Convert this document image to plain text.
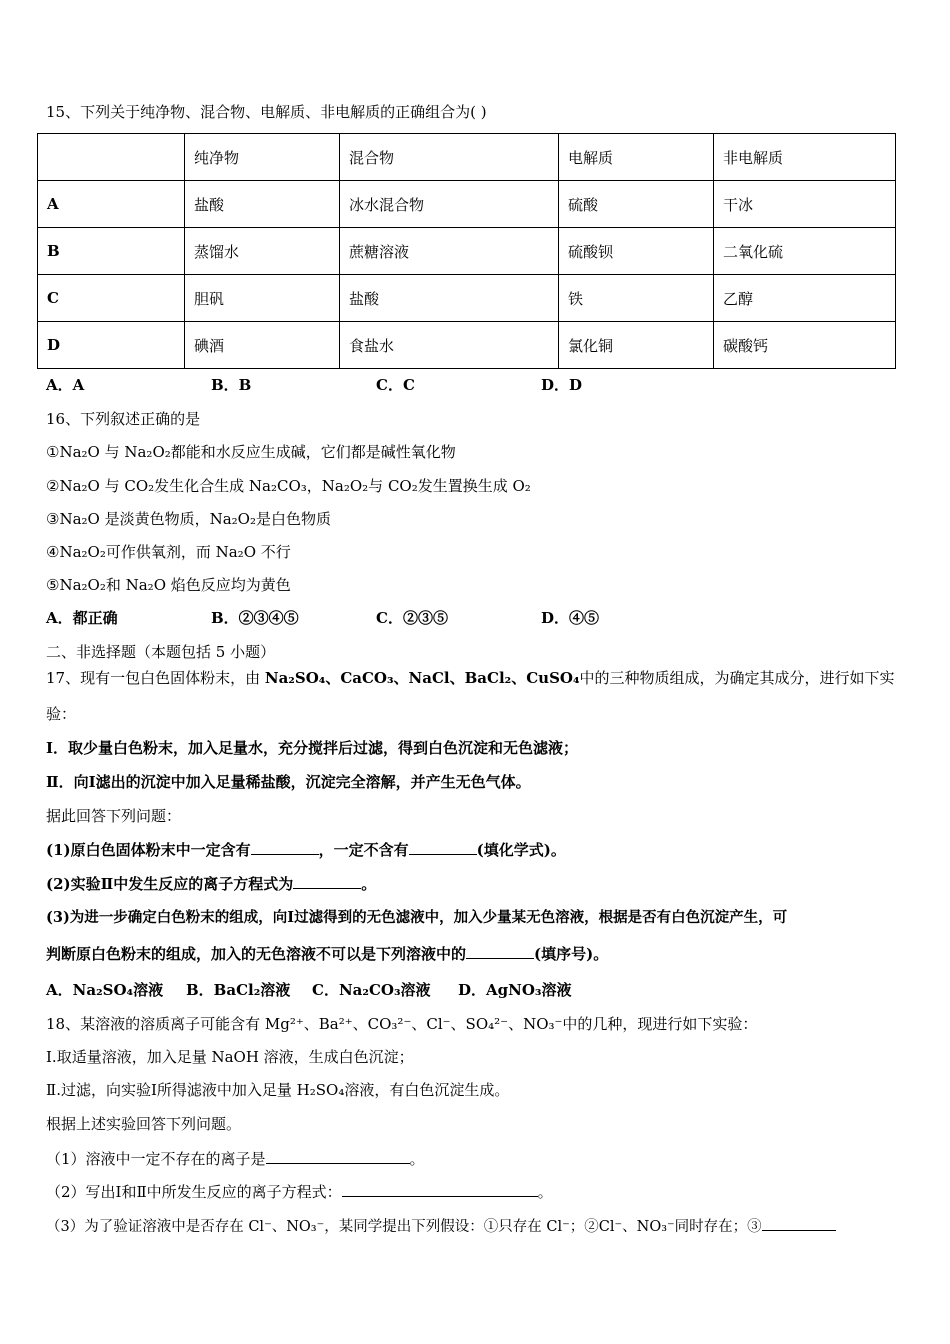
15、下列关于纯净物、混合物、电解质、非电解质的正确组合为( )
	纯净物	混合物	电解质	非电解质
A	盐酸	冰水混合物	硫酸	干冰
B	蒸馏水	蔗糖溶液	硫酸钡	二氧化硫
C	胆矾	盐酸	铁	乙醇
D	碘酒	食盐水	氯化铜	碳酸钙
A．A	B．B	C．C	D．D
16、下列叙述正确的是
①Na₂O 与 Na₂O₂都能和水反应生成碱，它们都是碱性氧化物
②Na₂O 与 CO₂发生化合生成 Na₂CO₃，Na₂O₂与 CO₂发生置换生成 O₂
③Na₂O 是淡黄色物质，Na₂O₂是白色物质
④Na₂O₂可作供氧剂，而 Na₂O 不行
⑤Na₂O₂和 Na₂O 焰色反应均为黄色
A．都正确	B．②③④⑤	C．②③⑤	D．④⑤
二、非选择题（本题包括 5 小题）
17、现有一包白色固体粉末，由 Na₂SO₄、CaCO₃、NaCl、BaCl₂、CuSO₄中的三种物质组成，为确定其成分，进行如下实
验：
Ⅰ．取少量白色粉末，加入足量水，充分搅拌后过滤，得到白色沉淀和无色滤液；
Ⅱ．向Ⅰ滤出的沉淀中加入足量稀盐酸，沉淀完全溶解，并产生无色气体。
据此回答下列问题：
(1)原白色固体粉末中一定含有	，一定不含有	(填化学式)。
(2)实验Ⅱ中发生反应的离子方程式为	。
(3)为进一步确定白色粉末的组成，向Ⅰ过滤得到的无色滤液中，加入少量某无色溶液，根据是否有白色沉淀产生，可
判断原白色粉末的组成，加入的无色溶液不可以是下列溶液中的	(填序号)。
A．Na₂SO₄溶液 B．BaCl₂溶液 C．Na₂CO₃溶液 D．AgNO₃溶液
18、某溶液的溶质离子可能含有 Mg²⁺、Ba²⁺、CO₃²⁻、Cl⁻、SO₄²⁻、NO₃⁻中的几种，现进行如下实验：
Ⅰ.取适量溶液，加入足量 NaOH 溶液，生成白色沉淀；
Ⅱ.过滤，向实验Ⅰ所得滤液中加入足量 H₂SO₄溶液，有白色沉淀生成。
根据上述实验回答下列问题。
（1）溶液中一定不存在的离子是	。
（2）写出Ⅰ和Ⅱ中所发生反应的离子方程式：	。
（3）为了验证溶液中是否存在 Cl⁻、NO₃⁻，某同学提出下列假设：①只存在 Cl⁻；②Cl⁻、NO₃⁻同时存在；③
